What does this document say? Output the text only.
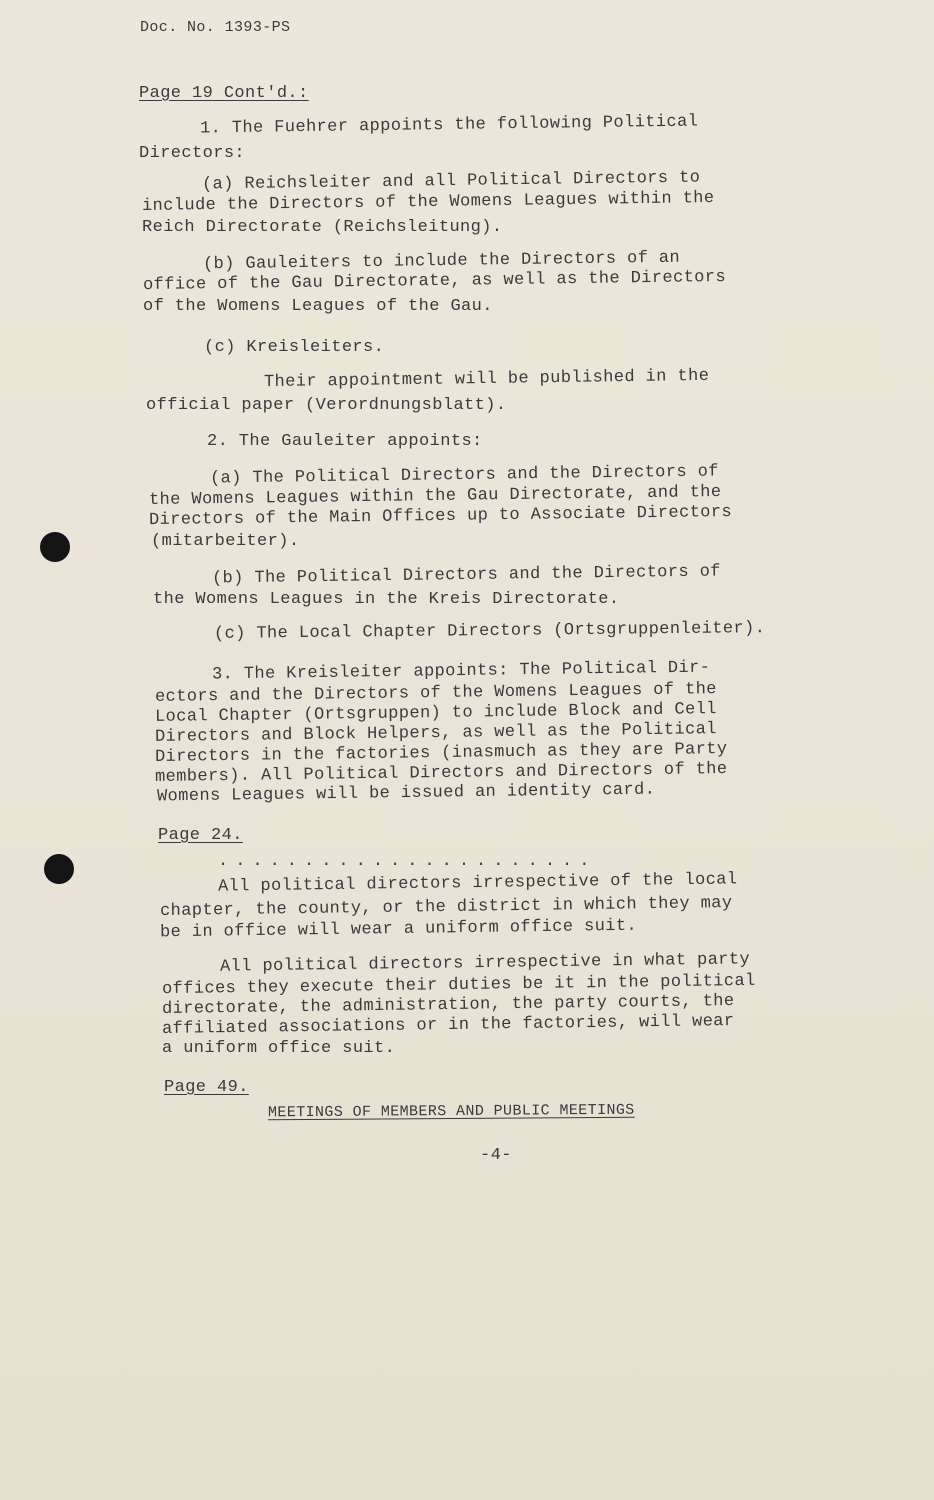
Doc. No. 1393-PS
Page 19 Cont'd.:
1. The Fuehrer appoints the following Political
Directors:
(a) Reichsleiter and all Political Directors to
include the Directors of the Womens Leagues within the
Reich Directorate (Reichsleitung).
(b) Gauleiters to include the Directors of an
office of the Gau Directorate, as well as the Directors
of the Womens Leagues of the Gau.
(c) Kreisleiters.
Their appointment will be published in the
official paper (Verordnungsblatt).
2. The Gauleiter appoints:
(a) The Political Directors and the Directors of
the Womens Leagues within the Gau Directorate, and the
Directors of the Main Offices up to Associate Directors
(mitarbeiter).
(b) The Political Directors and the Directors of
the Womens Leagues in the Kreis Directorate.
(c) The Local Chapter Directors (Ortsgruppenleiter).
3. The Kreisleiter appoints: The Political Dir-
ectors and the Directors of the Womens Leagues of the
Local Chapter (Ortsgruppen) to include Block and Cell
Directors and Block Helpers, as well as the Political
Directors in the factories (inasmuch as they are Party
members). All Political Directors and Directors of the
Womens Leagues will be issued an identity card.
Page 24.
......................
All political directors irrespective of the local
chapter, the county, or the district in which they may
be in office will wear a uniform office suit.
All political directors irrespective in what party
offices they execute their duties be it in the political
directorate, the administration, the party courts, the
affiliated associations or in the factories, will wear
a uniform office suit.
Page 49.
MEETINGS OF MEMBERS AND PUBLIC MEETINGS
-4-
